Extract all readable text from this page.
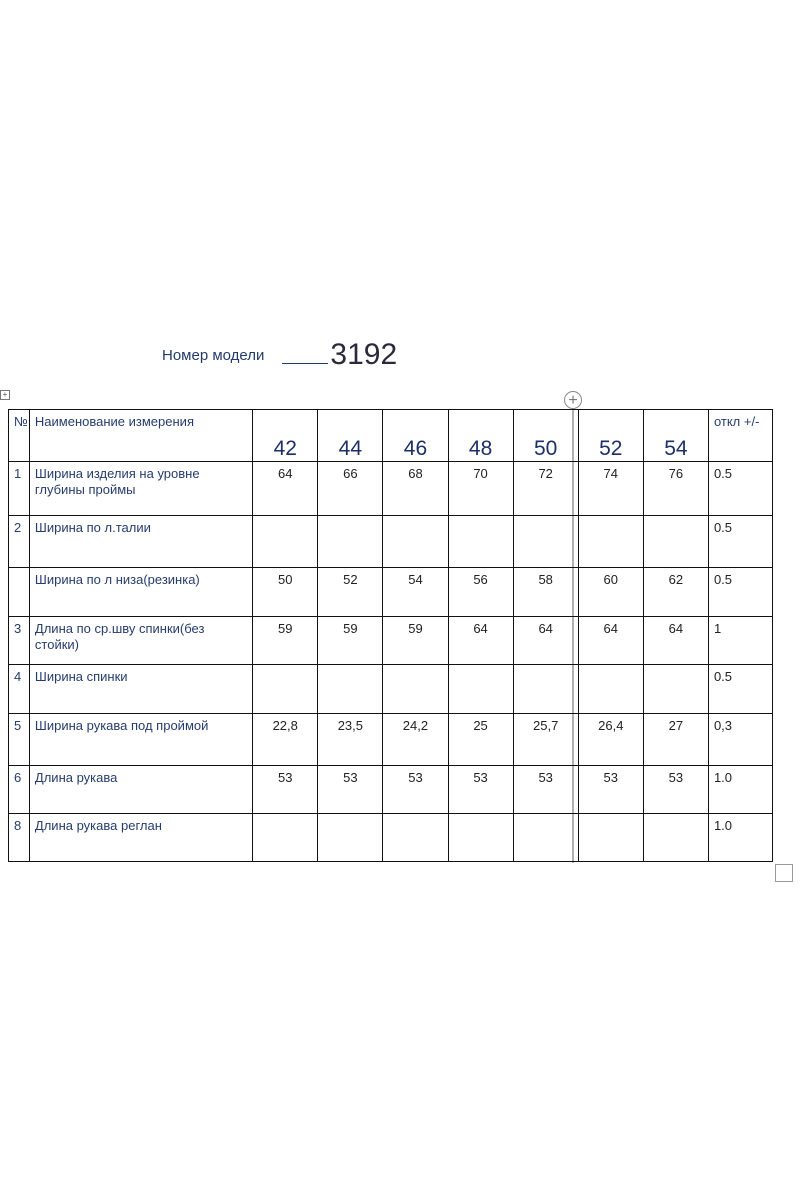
Номер модели 3192
+	+
№	Наименование измерения	42	44	46	48	50	52	54	откл +/-
1	Ширина изделия на уровне глубины проймы	64	66	68	70	72	74	76	0.5
2	Ширина по л.талии								0.5
	Ширина по л низа(резинка)	50	52	54	56	58	60	62	0.5
3	Длина по ср.шву спинки(без стойки)	59	59	59	64	64	64	64	1
4	Ширина спинки								0.5
5	Ширина рукава под проймой	22,8	23,5	24,2	25	25,7	26,4	27	0,3
6	Длина рукава	53	53	53	53	53	53	53	1.0
8	Длина рукава реглан								1.0
